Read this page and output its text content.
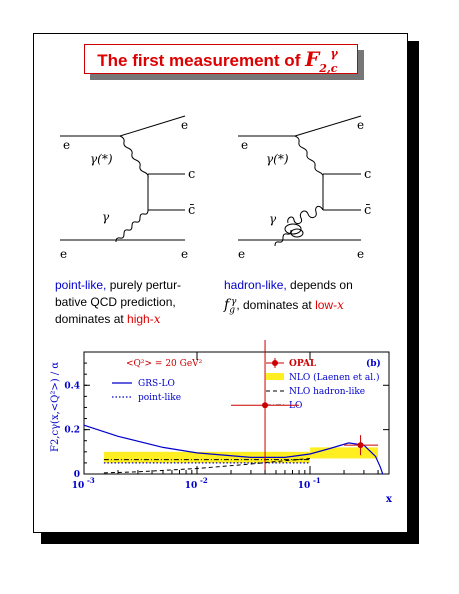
The first measurement of $F_{2,c}^\gamma$
e
e
γ(*)
c
c̄
γ
e	e
e
e
γ(*)
c
c̄
γ
e	e
point-like, purely pertur-
bative QCD prediction,
dominates at high-x
hadron-like, depends on
$f_g^\gamma$, dominates at low-x
F2,cγ(x,<Q²>) / α
x
<Q²> = 20 GeV²	(b)
GRS-LO
point-like
OPAL
NLO (Laenen et al.)
NLO hadron-like
LO
0
0.2
0.4
10
-3
10
-2
10
-1
